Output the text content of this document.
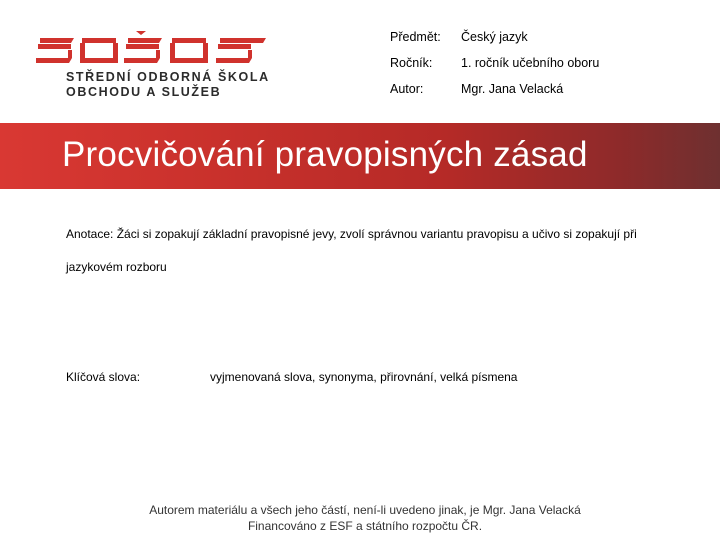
STŘEDNÍ ODBORNÁ ŠKOLA
OBCHODU A SLUŽEB
Předmět: Český jazyk
Ročník: 1. ročník učebního oboru
Autor:	Mgr. Jana Velacká
Procvičování pravopisných zásad
Anotace: Žáci si zopakují základní pravopisné jevy, zvolí správnou variantu pravopisu a učivo si zopakují při jazykovém rozboru
Klíčová slova:	vyjmenovaná slova, synonyma, přirovnání, velká písmena
Autorem materiálu a všech jeho částí, není-li uvedeno jinak, je Mgr. Jana Velacká
Financováno z ESF a státního rozpočtu ČR.
